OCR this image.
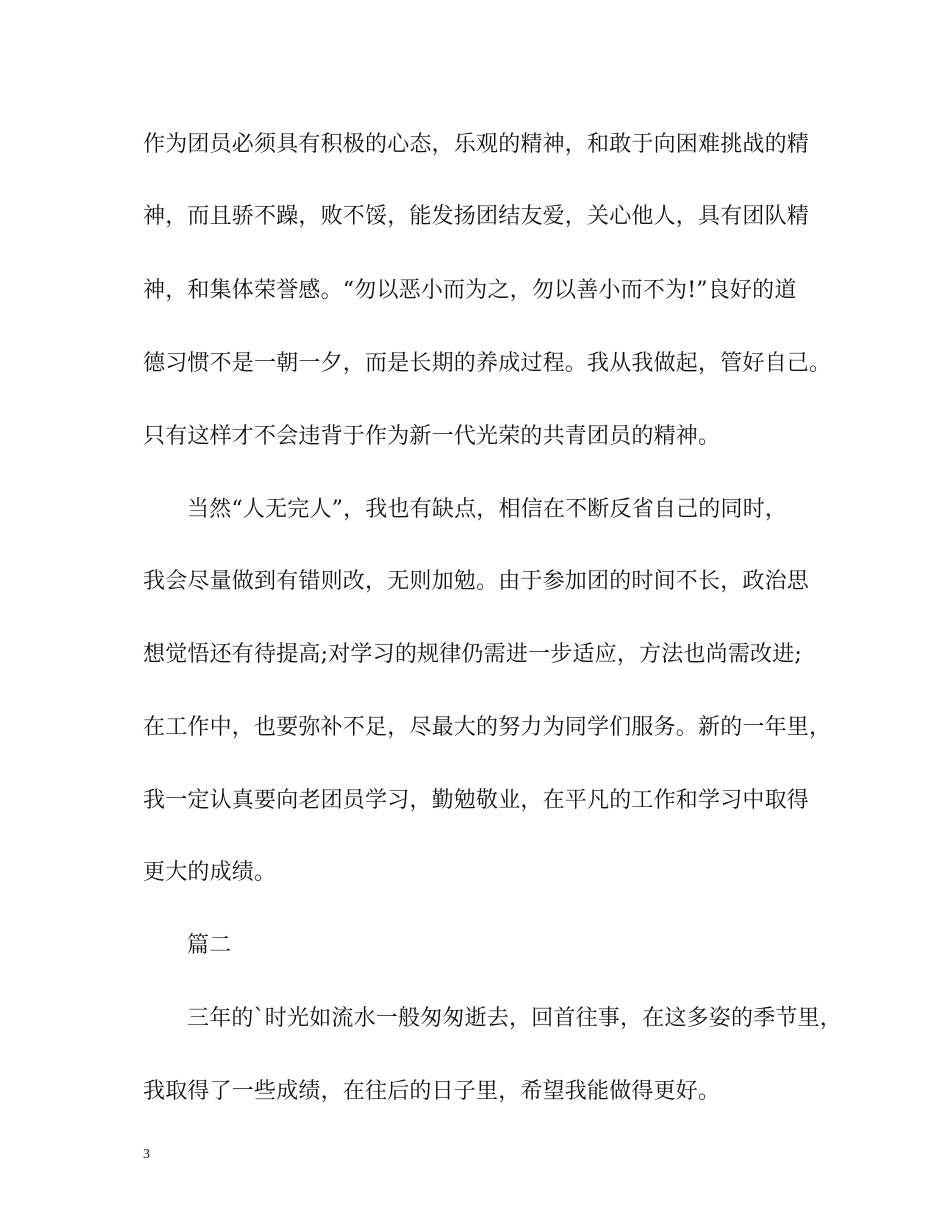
作为团员必须具有积极的心态，乐观的精神，和敢于向困难挑战的精
神，而且骄不躁，败不馁，能发扬团结友爱，关心他人，具有团队精
神，和集体荣誉感。“勿以恶小而为之，勿以善小而不为!”良好的道
德习惯不是一朝一夕，而是长期的养成过程。我从我做起，管好自己。
只有这样才不会违背于作为新一代光荣的共青团员的精神。
当然“人无完人”，我也有缺点，相信在不断反省自己的同时，
我会尽量做到有错则改，无则加勉。由于参加团的时间不长，政治思
想觉悟还有待提高;对学习的规律仍需进一步适应，方法也尚需改进;
在工作中，也要弥补不足，尽最大的努力为同学们服务。新的一年里，
我一定认真要向老团员学习，勤勉敬业，在平凡的工作和学习中取得
更大的成绩。
篇二
三年的`时光如流水一般匆匆逝去，回首往事，在这多姿的季节里，
我取得了一些成绩，在往后的日子里，希望我能做得更好。
3
